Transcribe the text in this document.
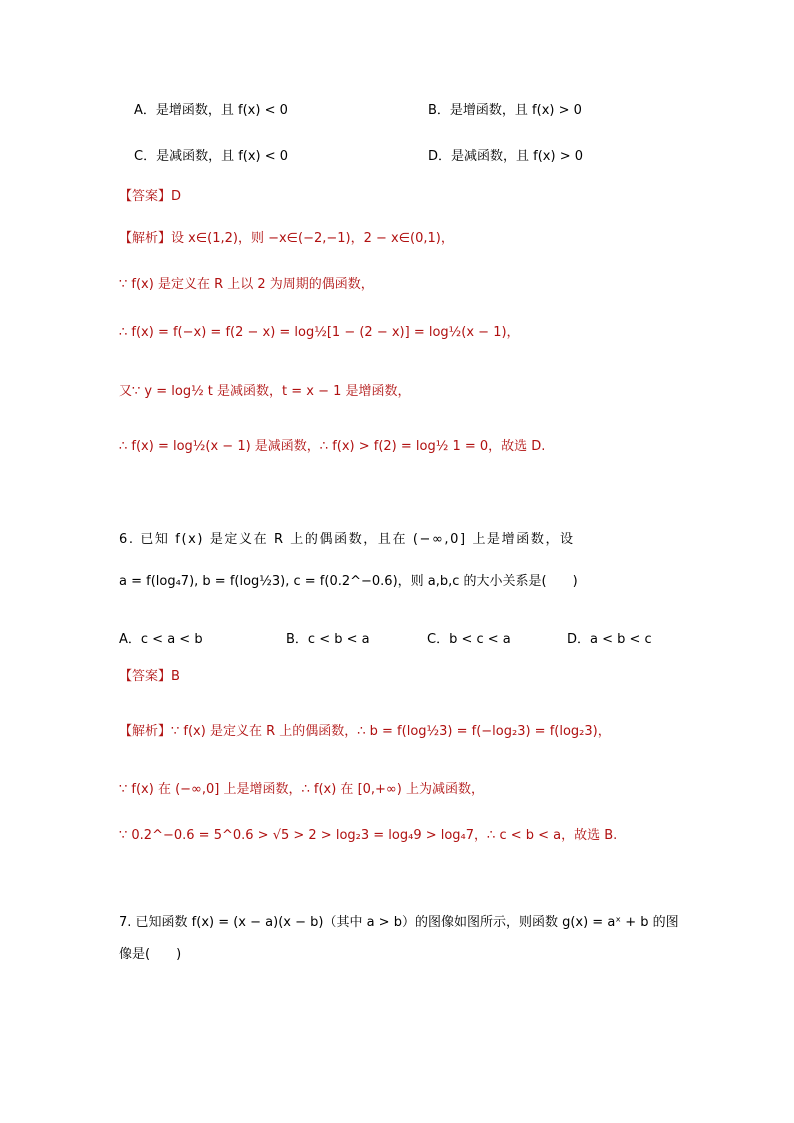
A．是增函数，且 f(x) < 0	B．是增函数，且 f(x) > 0
C．是减函数，且 f(x) < 0	D．是减函数，且 f(x) > 0
【答案】D
【解析】设 x∈(1,2)，则 −x∈(−2,−1)，2 − x∈(0,1)，
∵ f(x) 是定义在 R 上以 2 为周期的偶函数，
∴ f(x) = f(−x) = f(2 − x) = log½[1 − (2 − x)] = log½(x − 1)，
又∵ y = log½ t 是减函数，t = x − 1 是增函数，
∴ f(x) = log½(x − 1) 是减函数，∴ f(x) > f(2) = log½ 1 = 0，故选 D.
6. 已知 f(x) 是定义在 R 上的偶函数，且在 (−∞,0] 上是增函数，设
a = f(log₄7), b = f(log½3), c = f(0.2^−0.6)，则 a,b,c 的大小关系是(　　)
A．c < a < b	B．c < b < a	C．b < c < a	D．a < b < c
【答案】B
【解析】∵ f(x) 是定义在 R 上的偶函数，∴ b = f(log½3) = f(−log₂3) = f(log₂3)，
∵ f(x) 在 (−∞,0] 上是增函数，∴ f(x) 在 [0,+∞) 上为减函数，
∵ 0.2^−0.6 = 5^0.6 > √5 > 2 > log₂3 = log₄9 > log₄7，∴ c < b < a，故选 B.
7. 已知函数 f(x) = (x − a)(x − b)（其中 a > b）的图像如图所示，则函数 g(x) = aˣ + b 的图
像是(　　)
